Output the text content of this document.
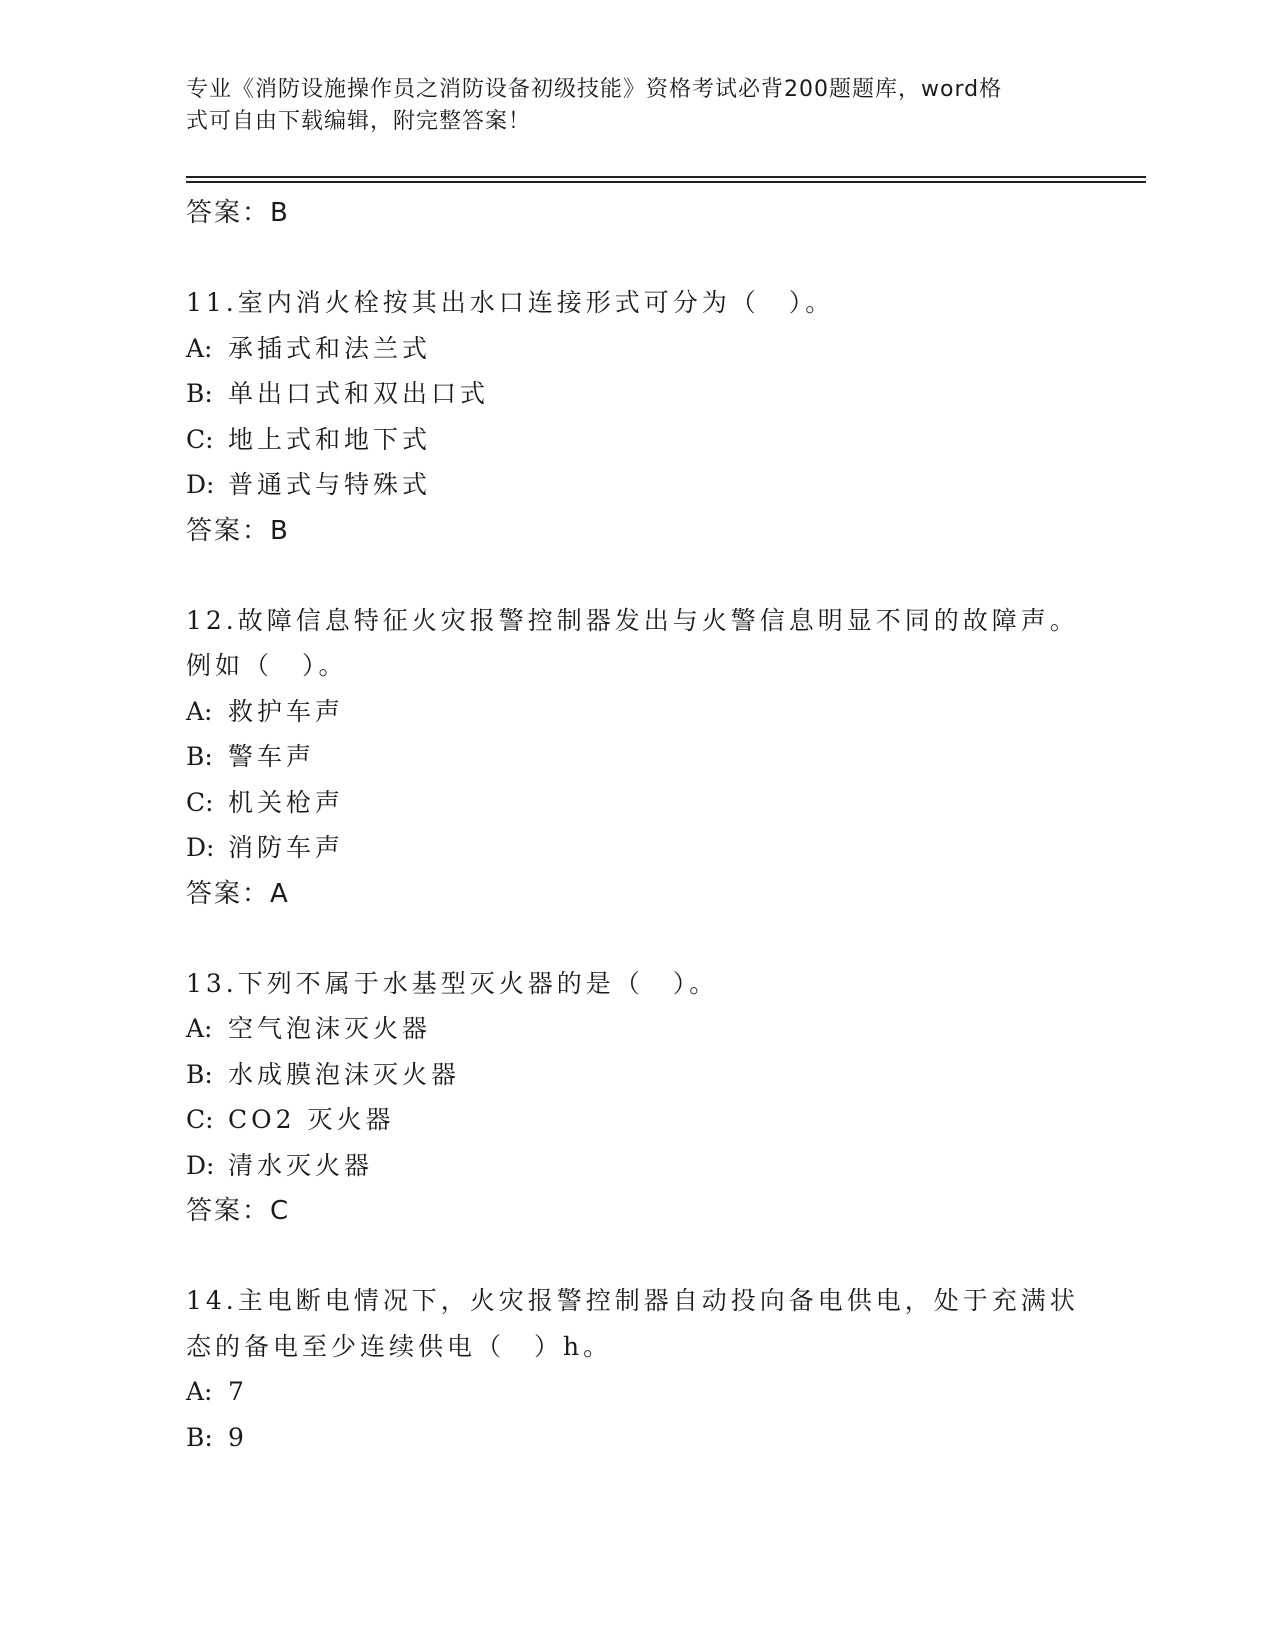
专业《消防设施操作员之消防设备初级技能》资格考试必背200题题库，word格
式可自由下载编辑，附完整答案！
答案：B
11.室内消火栓按其出水口连接形式可分为（　）。
A: 承插式和法兰式
B: 单出口式和双出口式
C: 地上式和地下式
D: 普通式与特殊式
答案：B
12.故障信息特征火灾报警控制器发出与火警信息明显不同的故障声。
例如（　）。
A: 救护车声
B: 警车声
C: 机关枪声
D: 消防车声
答案：A
13.下列不属于水基型灭火器的是（　）。
A: 空气泡沫灭火器
B: 水成膜泡沫灭火器
C: CO2 灭火器
D: 清水灭火器
答案：C
14.主电断电情况下，火灾报警控制器自动投向备电供电，处于充满状
态的备电至少连续供电（　）h。
A: 7
B: 9
